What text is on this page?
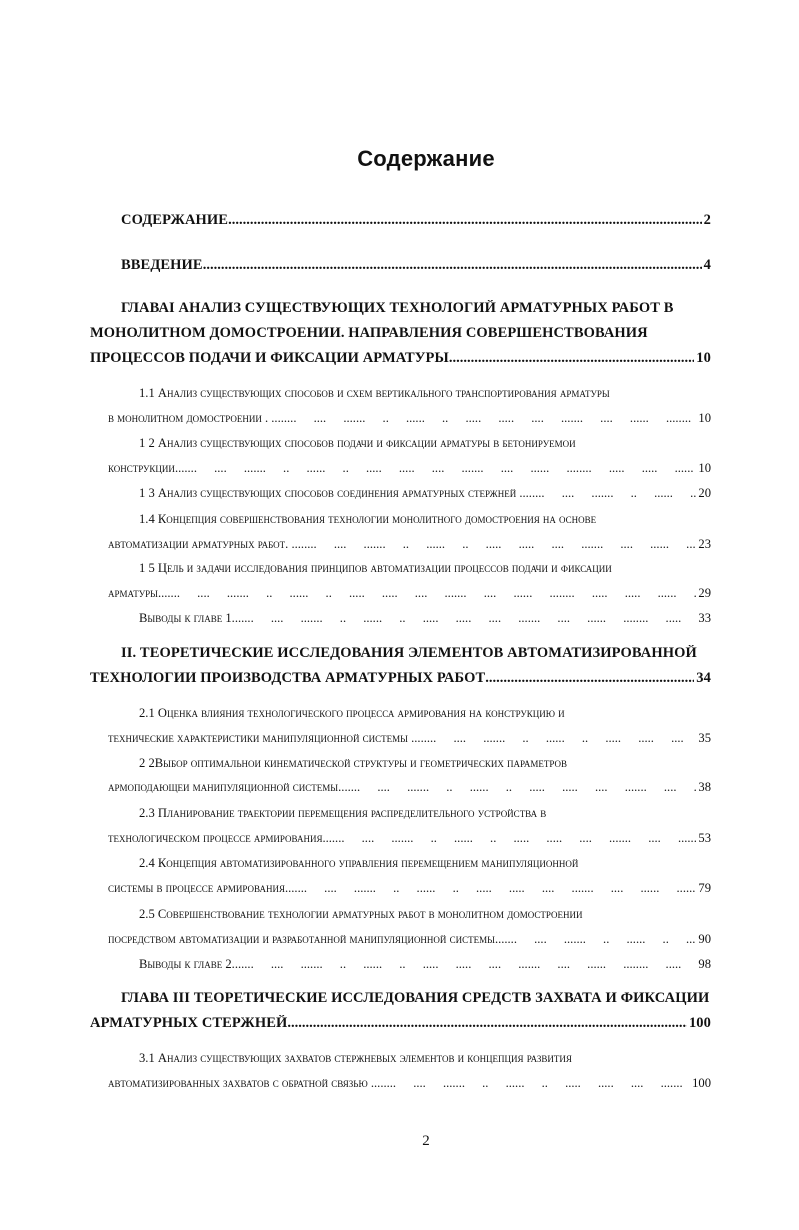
Содержание
СОДЕРЖАНИЕ .....	2
ВВЕДЕНИЕ .....	4
ГЛАВАI АНАЛИЗ СУЩЕСТВУЮЩИХ ТЕХНОЛОГИЙ АРМАТУРНЫХ РАБОТ В
МОНОЛИТНОМ ДОМОСТРОЕНИИ. НАПРАВЛЕНИЯ СОВЕРШЕНСТВОВАНИЯ
ПРОЦЕССОВ ПОДАЧИ И ФИКСАЦИИ АРМАТУРЫ .....	10
1.1 Анализ существующих способов и схем вертикального транспортирования арматуры
в монолитном домостроении . . .....	10
1 2 Анализ существующих способов подачи и фиксации арматуры в бетонируемои
конструкции .....	10
1 3 Анализ существующих способов соединения арматурных стержней . .....	20
1.4 Концепция совершенствования технологии монолитного домостроения на основе
автоматизации арматурных работ. . .....	23
1 5 Цель и задачи исследования принципов автоматизации процессов подачи и фиксации
арматуры .....	29
Выводы к главе 1 .....	33
II. ТЕОРЕТИЧЕСКИЕ ИССЛЕДОВАНИЯ ЭЛЕМЕНТОВ АВТОМАТИЗИРОВАННОЙ
ТЕХНОЛОГИИ ПРОИЗВОДСТВА АРМАТУРНЫХ РАБОТ .....	34
2.1 Оценка влияния технологического процесса армирования на конструкцию и
технические характеристики манипуляционной системы . .....	35
2 2Выбор оптимальнои кинематической структуры и геометрических параметров
армоподающеи манипуляционной системы .....	38
2.3 Планирование траектории перемещения распределительного устройства в
технологическом процессе армирования .....	53
2.4 Концепция автоматизированного управления перемещением манипуляционной
системы в процессе армирования .....	79
2.5 Совершенствование технологии арматурных работ в монолитном домостроении
посредством автоматизации и разработанной манипуляционной системы .....	90
Выводы к главе 2 .....	98
ГЛАВА III ТЕОРЕТИЧЕСКИЕ ИССЛЕДОВАНИЯ СРЕДСТВ ЗАХВАТА И ФИКСАЦИИ
АРМАТУРНЫХ СТЕРЖНЕЙ .....	100
3.1 Анализ существующих захватов стержневых элементов и концепция развития
автоматизированных захватов с обратной связью . .....	100
2
